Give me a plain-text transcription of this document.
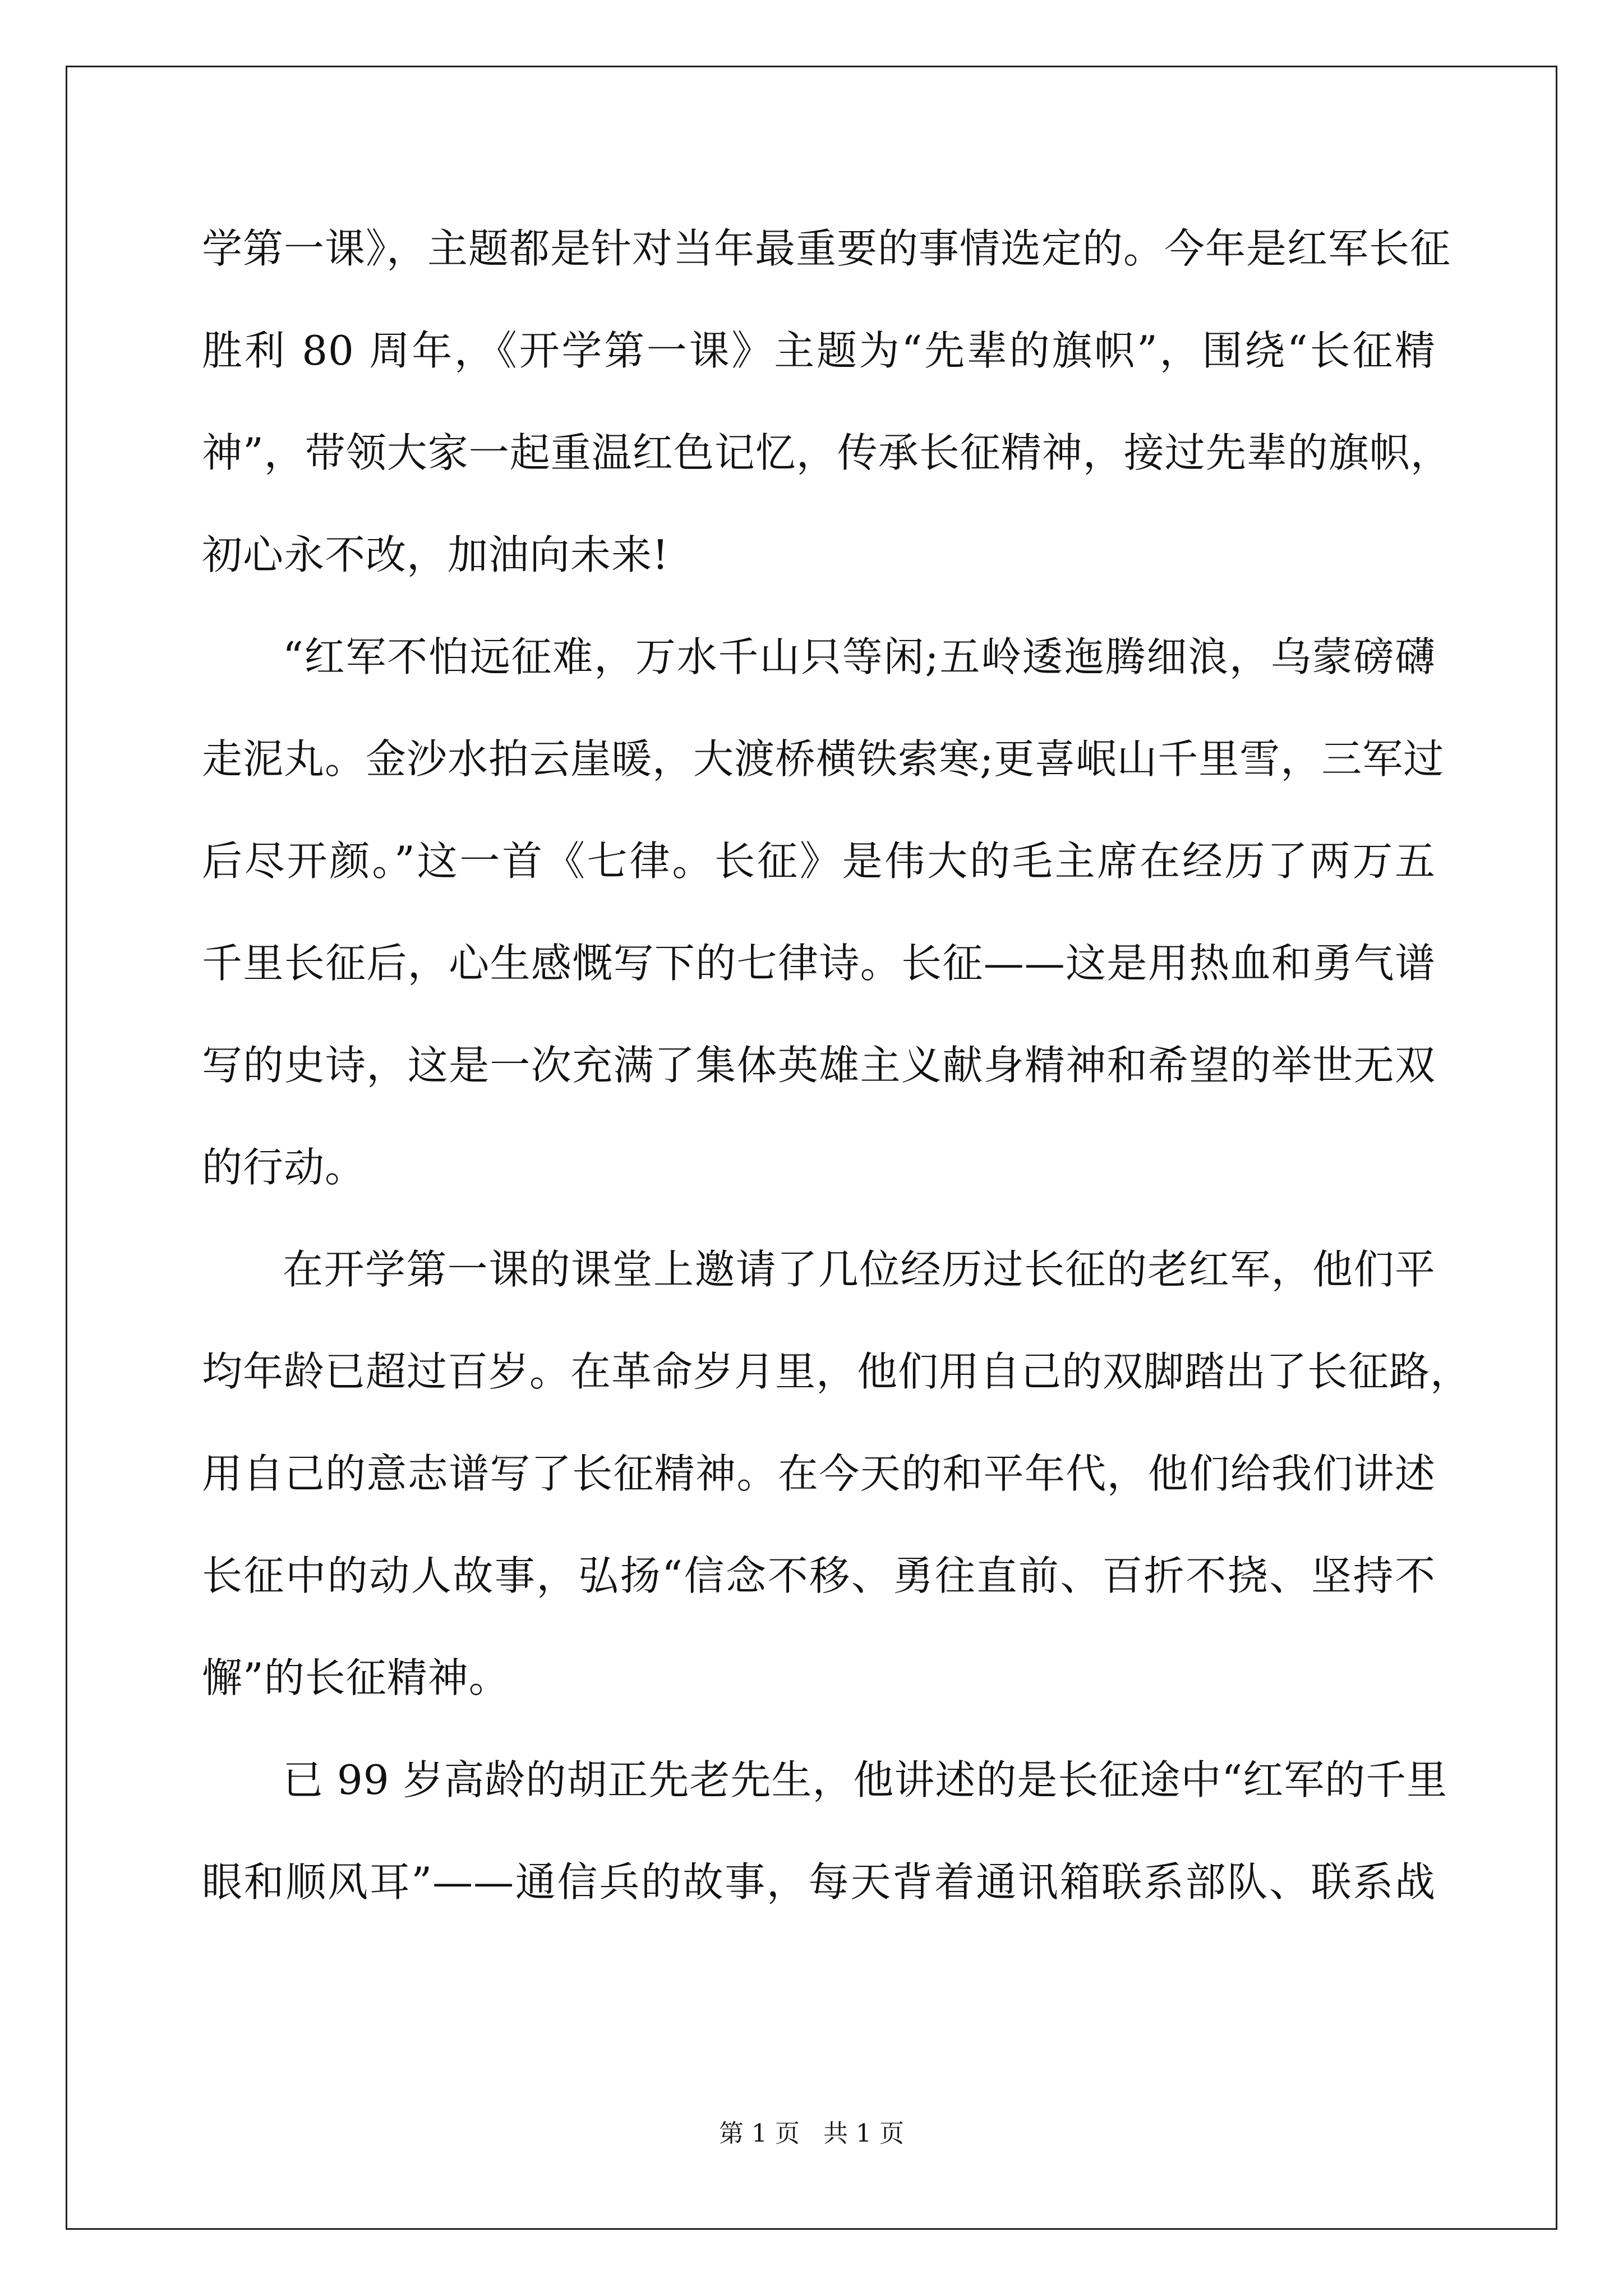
学第一课》，主题都是针对当年最重要的事情选定的。今年是红军长征
胜利 80 周年，《开学第一课》主题为“先辈的旗帜”，围绕“长征精
神”，带领大家一起重温红色记忆，传承长征精神，接过先辈的旗帜，
初心永不改，加油向未来!
“红军不怕远征难，万水千山只等闲;五岭逶迤腾细浪，乌蒙磅礴
走泥丸。金沙水拍云崖暖，大渡桥横铁索寒;更喜岷山千里雪，三军过
后尽开颜。”这一首《七律。长征》是伟大的毛主席在经历了两万五
千里长征后，心生感慨写下的七律诗。长征——这是用热血和勇气谱
写的史诗，这是一次充满了集体英雄主义献身精神和希望的举世无双
的行动。
在开学第一课的课堂上邀请了几位经历过长征的老红军，他们平
均年龄已超过百岁。在革命岁月里，他们用自己的双脚踏出了长征路，
用自己的意志谱写了长征精神。在今天的和平年代，他们给我们讲述
长征中的动人故事，弘扬“信念不移、勇往直前、百折不挠、坚持不
懈”的长征精神。
已 99 岁高龄的胡正先老先生，他讲述的是长征途中“红军的千里
眼和顺风耳”——通信兵的故事，每天背着通讯箱联系部队、联系战
第 1 页 共 1 页
